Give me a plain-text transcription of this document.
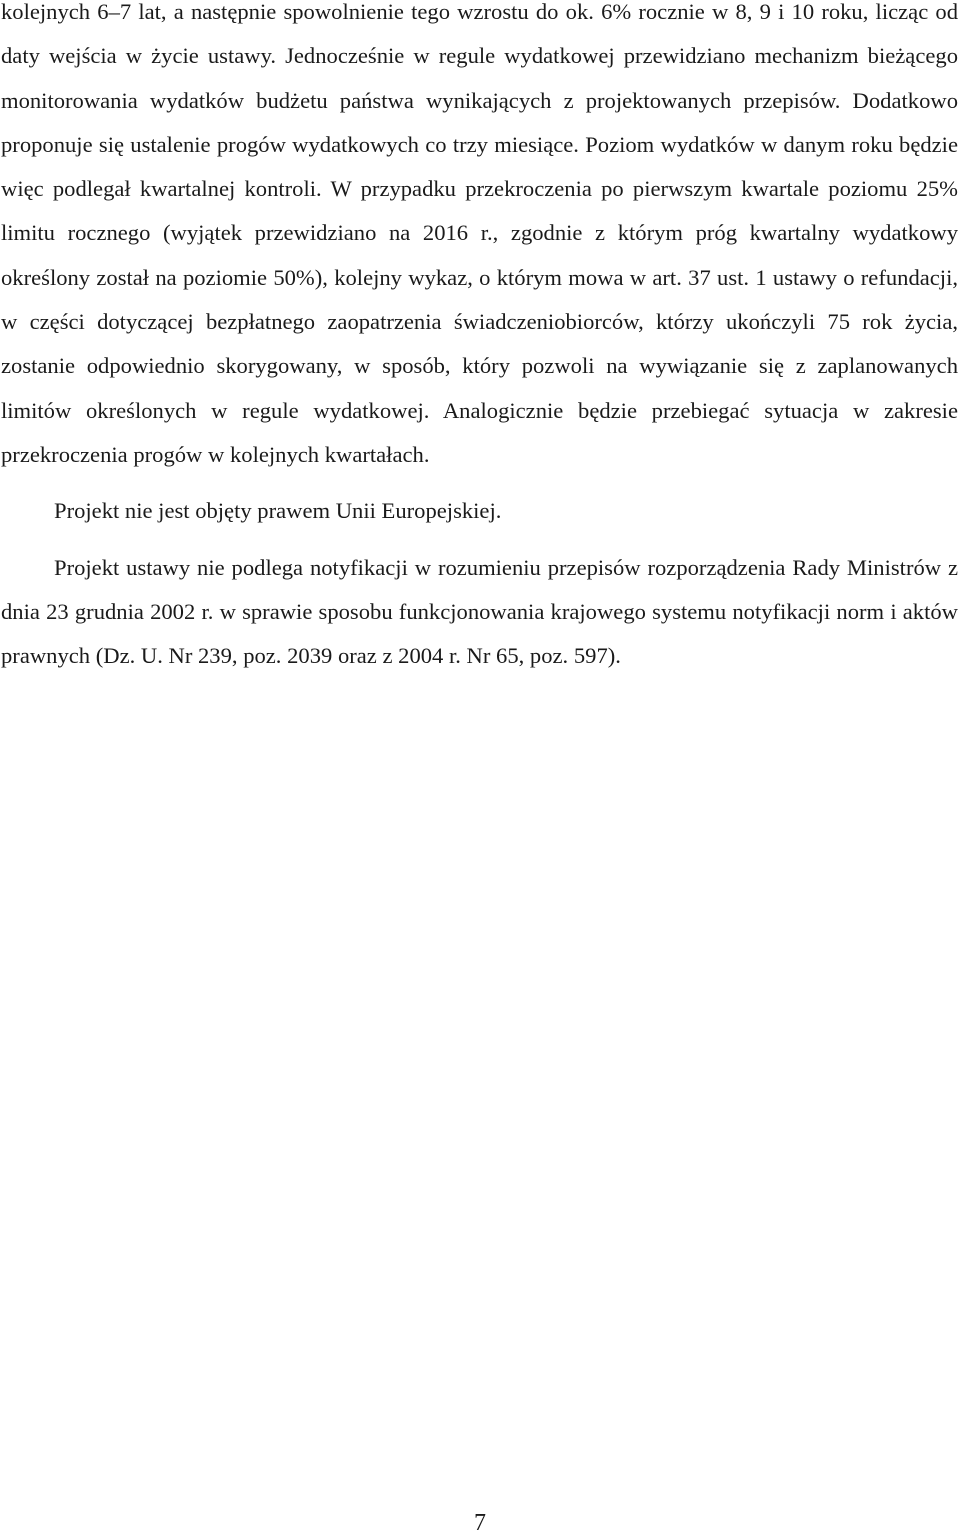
kolejnych 6–7 lat, a następnie spowolnienie tego wzrostu do ok. 6% rocznie w 8, 9 i 10 roku, licząc od daty wejścia w życie ustawy. Jednocześnie w regule wydatkowej przewidziano mechanizm bieżącego monitorowania wydatków budżetu państwa wynikających z projektowanych przepisów. Dodatkowo proponuje się ustalenie progów wydatkowych co trzy miesiące. Poziom wydatków w danym roku będzie więc podlegał kwartalnej kontroli. W przypadku przekroczenia po pierwszym kwartale poziomu 25% limitu rocznego (wyjątek przewidziano na 2016 r., zgodnie z którym próg kwartalny wydatkowy określony został na poziomie 50%), kolejny wykaz, o którym mowa w art. 37 ust. 1 ustawy o refundacji, w części dotyczącej bezpłatnego zaopatrzenia świadczeniobiorców, którzy ukończyli 75 rok życia, zostanie odpowiednio skorygowany, w sposób, który pozwoli na wywiązanie się z zaplanowanych limitów określonych w regule wydatkowej. Analogicznie będzie przebiegać sytuacja w zakresie przekroczenia progów w kolejnych kwartałach.

Projekt nie jest objęty prawem Unii Europejskiej.

Projekt ustawy nie podlega notyfikacji w rozumieniu przepisów rozporządzenia Rady Ministrów z dnia 23 grudnia 2002 r. w sprawie sposobu funkcjonowania krajowego systemu notyfikacji norm i aktów prawnych (Dz. U. Nr 239, poz. 2039 oraz z 2004 r. Nr 65, poz. 597).

7
